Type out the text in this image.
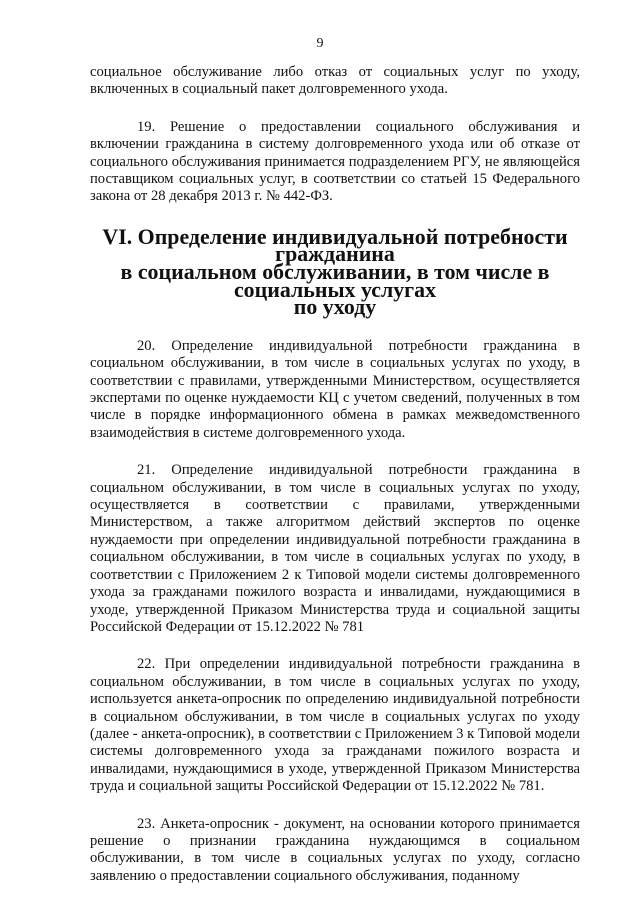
9

социальное обслуживание либо отказ от социальных услуг по уходу, включенных в социальный пакет долговременного ухода.

19. Решение о предоставлении социального обслуживания и включении гражданина в систему долговременного ухода или об отказе от социального обслуживания принимается подразделением РГУ, не являющейся поставщиком социальных услуг, в соответствии со статьей 15 Федерального закона от 28 декабря 2013 г. № 442-ФЗ.

VI. Определение индивидуальной потребности гражданина
в социальном обслуживании, в том числе в социальных услугах
по уходу

20. Определение индивидуальной потребности гражданина в социальном обслуживании, в том числе в социальных услугах по уходу, в соответствии с правилами, утвержденными Министерством, осуществляется экспертами по оценке нуждаемости КЦ с учетом сведений, полученных в том числе в порядке информационного обмена в рамках межведомственного взаимодействия в системе долговременного ухода.

21. Определение индивидуальной потребности гражданина в социальном обслуживании, в том числе в социальных услугах по уходу, осуществляется в соответствии с правилами, утвержденными Министерством, а также алгоритмом действий экспертов по оценке нуждаемости при определении индивидуальной потребности гражданина в социальном обслуживании, в том числе в социальных услугах по уходу, в соответствии с Приложением 2 к Типовой модели системы долговременного ухода за гражданами пожилого возраста и инвалидами, нуждающимися в уходе, утвержденной Приказом Министерства труда и социальной защиты Российской Федерации от 15.12.2022 № 781

22. При определении индивидуальной потребности гражданина в социальном обслуживании, в том числе в социальных услугах по уходу, используется анкета-опросник по определению индивидуальной потребности в социальном обслуживании, в том числе в социальных услугах по уходу (далее - анкета-опросник), в соответствии с Приложением 3 к Типовой модели системы долговременного ухода за гражданами пожилого возраста и инвалидами, нуждающимися в уходе, утвержденной Приказом Министерства труда и социальной защиты Российской Федерации от 15.12.2022 № 781.

23. Анкета-опросник - документ, на основании которого принимается решение о признании гражданина нуждающимся в социальном обслуживании, в том числе в социальных услугах по уходу, согласно заявлению о предоставлении социального обслуживания, поданному
